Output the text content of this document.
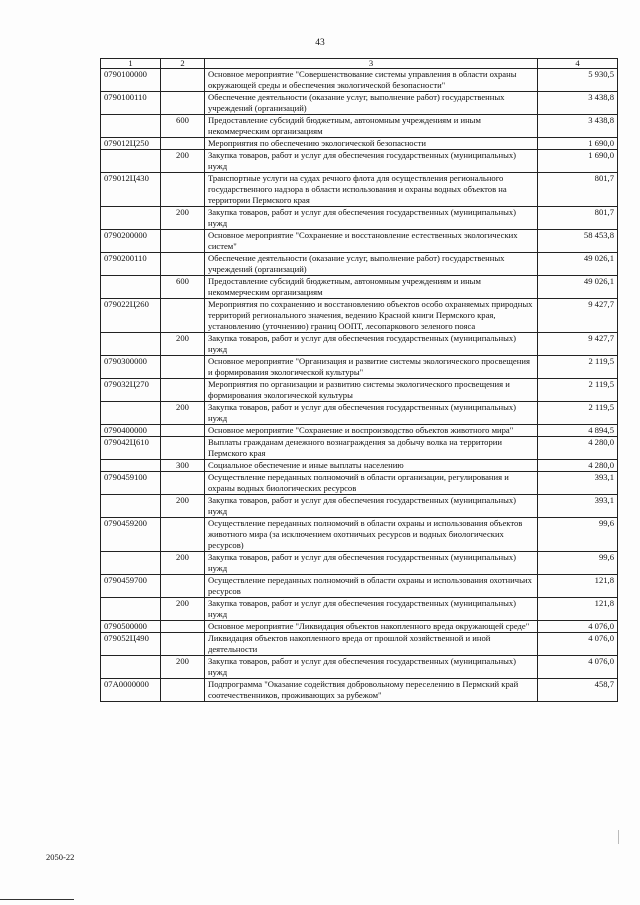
43
1	2	3	4
0790100000		Основное мероприятие "Совершенствование системы управления в области охраны окружающей среды и обеспечения экологической безопасности"	5 930,5
0790100110		Обеспечение деятельности (оказание услуг, выполнение работ) государственных учреждений (организаций)	3 438,8
	600	Предоставление субсидий бюджетным, автономным учреждениям и иным некоммерческим организациям	3 438,8
079012Ц250		Мероприятия по обеспечению экологической безопасности	1 690,0
	200	Закупка товаров, работ и услуг для обеспечения государственных (муниципальных) нужд	1 690,0
079012Ц430		Транспортные услуги на судах речного флота для осуществления регионального государственного надзора в области использования и охраны водных объектов на территории Пермского края	801,7
	200	Закупка товаров, работ и услуг для обеспечения государственных (муниципальных) нужд	801,7
0790200000		Основное мероприятие "Сохранение и восстановление естественных экологических систем"	58 453,8
0790200110		Обеспечение деятельности (оказание услуг, выполнение работ) государственных учреждений (организаций)	49 026,1
	600	Предоставление субсидий бюджетным, автономным учреждениям и иным некоммерческим организациям	49 026,1
079022Ц260		Мероприятия по сохранению и восстановлению объектов особо охраняемых природных территорий регионального значения, ведению Красной книги Пермского края, установлению (уточнению) границ ООПТ, лесопаркового зеленого пояса	9 427,7
	200	Закупка товаров, работ и услуг для обеспечения государственных (муниципальных) нужд	9 427,7
0790300000		Основное мероприятие "Организация и развитие системы экологического просвещения и формирования экологической культуры"	2 119,5
079032Ц270		Мероприятия по организации и развитию системы экологического просвещения и формирования экологической культуры	2 119,5
	200	Закупка товаров, работ и услуг для обеспечения государственных (муниципальных) нужд	2 119,5
0790400000		Основное мероприятие "Сохранение и воспроизводство объектов животного мира"	4 894,5
079042Ц610		Выплаты гражданам денежного вознаграждения за добычу волка на территории Пермского края	4 280,0
	300	Социальное обеспечение и иные выплаты населению	4 280,0
0790459100		Осуществление переданных полномочий в области организации, регулирования и охраны водных биологических ресурсов	393,1
	200	Закупка товаров, работ и услуг для обеспечения государственных (муниципальных) нужд	393,1
0790459200		Осуществление переданных полномочий в области охраны и использования объектов животного мира (за исключением охотничьих ресурсов и водных биологических ресурсов)	99,6
	200	Закупка товаров, работ и услуг для обеспечения государственных (муниципальных) нужд	99,6
0790459700		Осуществление переданных полномочий в области охраны и использования охотничьих ресурсов	121,8
	200	Закупка товаров, работ и услуг для обеспечения государственных (муниципальных) нужд	121,8
0790500000		Основное мероприятие "Ликвидация объектов накопленного вреда окружающей среде"	4 076,0
079052Ц490		Ликвидация объектов накопленного вреда от прошлой хозяйственной и иной деятельности	4 076,0
	200	Закупка товаров, работ и услуг для обеспечения государственных (муниципальных) нужд	4 076,0
07А0000000		Подпрограмма "Оказание содействия добровольному переселению в Пермский край соотечественников, проживающих за рубежом"	458,7
2050-22
